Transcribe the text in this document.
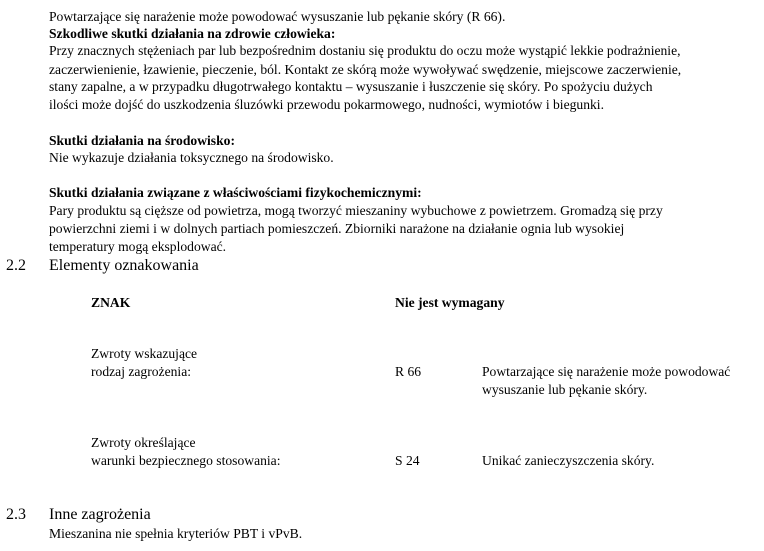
Powtarzające się narażenie może powodować wysuszanie lub pękanie skóry (R 66).
Szkodliwe skutki działania na zdrowie człowieka:
Przy znacznych stężeniach par lub bezpośrednim dostaniu się produktu do oczu może wystąpić lekkie podrażnienie,
zaczerwienienie, łzawienie, pieczenie, ból. Kontakt ze skórą może wywoływać swędzenie, miejscowe zaczerwienie,
stany zapalne, a w przypadku długotrwałego kontaktu – wysuszanie i łuszczenie się skóry. Po spożyciu dużych
ilości może dojść do uszkodzenia śluzówki przewodu pokarmowego, nudności, wymiotów i biegunki.
Skutki działania na środowisko:
Nie wykazuje działania toksycznego na środowisko.
Skutki działania związane z właściwościami fizykochemicznymi:
Pary produktu są cięższe od powietrza, mogą tworzyć mieszaniny wybuchowe z powietrzem. Gromadzą się przy
powierzchni ziemi i w dolnych partiach pomieszczeń. Zbiorniki narażone na działanie ognia lub wysokiej
temperatury mogą eksplodować.
2.2 Elementy oznakowania
ZNAK	Nie jest wymagany
Zwroty wskazujące
rodzaj zagrożenia:	R 66	Powtarzające się narażenie może powodować
wysuszanie lub pękanie skóry.
Zwroty określające
warunki bezpiecznego stosowania:	S 24	Unikać zanieczyszczenia skóry.
2.3 Inne zagrożenia
Mieszanina nie spełnia kryteriów PBT i vPvB.
